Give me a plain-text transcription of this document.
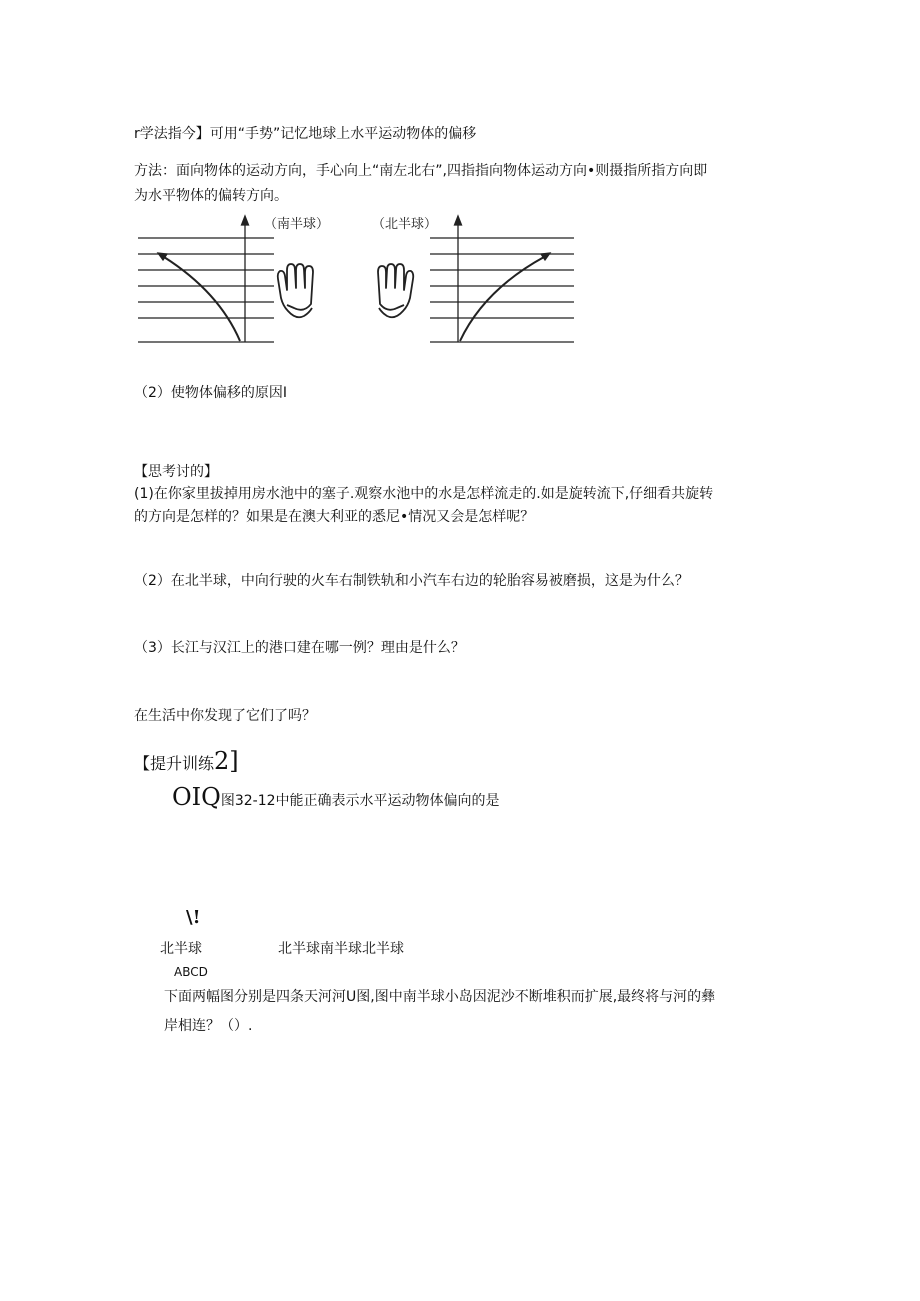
r学法指今】可用“手势”记忆地球上水平运动物体的偏移
方法：面向物体的运动方向，手心向上“南左北右”,四指指向物体运动方向•则摄指所指方向即
为水平物体的偏转方向。
（南半球）	（北半球）
（2）使物体偏移的原因I
【思考讨的】
(1)在你家里拔掉用房水池中的塞子.观察水池中的水是怎样流走的.如是旋转流下,仔细看共旋转
的方向是怎样的？如果是在澳大利亚的悉尼•情况又会是怎样呢？
（2）在北半球，中向行驶的火车右制铁轨和小汽车右边的轮胎容易被磨损，这是为什么？
（3）长江与汉江上的港口建在哪一例？理由是什么？
在生活中你发现了它们了吗？
【提升训练2]
OIQ图32-12中能正确表示水平运动物体偏向的是
\!
北半球	北半球南半球北半球
ABCD
下面两幅图分别是四条天河河U图,图中南半球小岛因泥沙不断堆积而扩展,最终将与河的彝
岸相连？（）.
